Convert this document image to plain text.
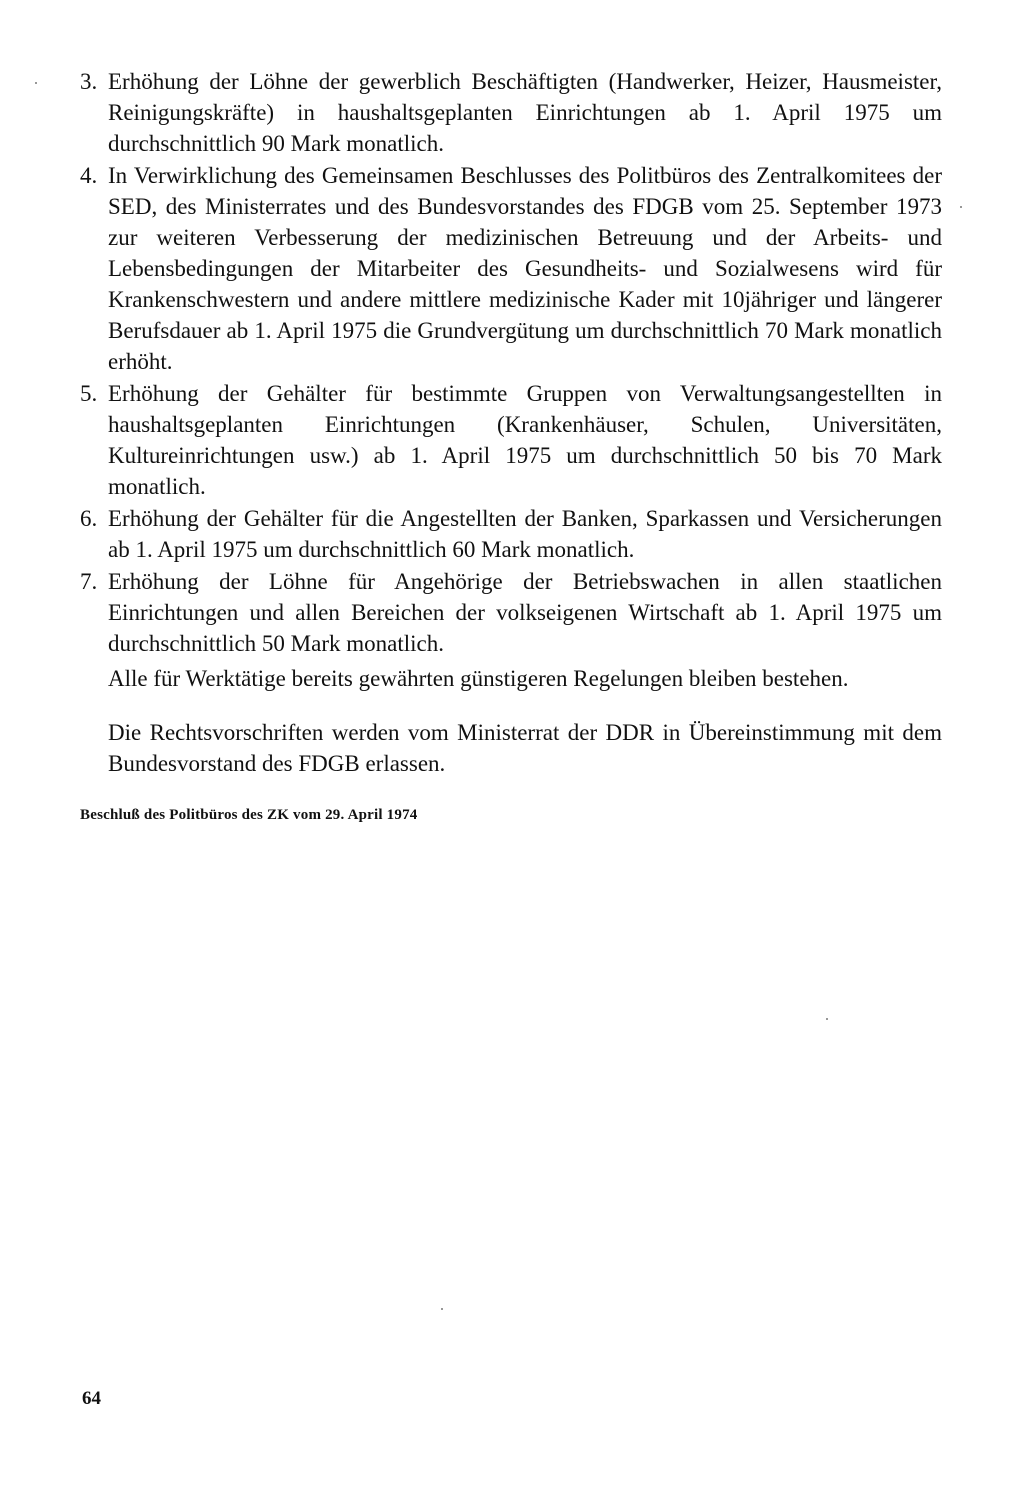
3. Erhöhung der Löhne der gewerblich Beschäftigten (Handwerker, Heizer, Hausmeister, Reinigungskräfte) in haushaltsgeplanten Einrichtungen ab 1. April 1975 um durchschnittlich 90 Mark monatlich.
4. In Verwirklichung des Gemeinsamen Beschlusses des Politbüros des Zentralkomitees der SED, des Ministerrates und des Bundesvorstandes des FDGB vom 25. September 1973 zur weiteren Verbesserung der medizinischen Betreuung und der Arbeits- und Lebensbedingungen der Mitarbeiter des Gesundheits- und Sozialwesens wird für Krankenschwestern und andere mittlere medizinische Kader mit 10jähriger und längerer Berufsdauer ab 1. April 1975 die Grundvergütung um durchschnittlich 70 Mark monatlich erhöht.
5. Erhöhung der Gehälter für bestimmte Gruppen von Verwaltungsangestellten in haushaltsgeplanten Einrichtungen (Krankenhäuser, Schulen, Universitäten, Kultureinrichtungen usw.) ab 1. April 1975 um durchschnittlich 50 bis 70 Mark monatlich.
6. Erhöhung der Gehälter für die Angestellten der Banken, Sparkassen und Versicherungen ab 1. April 1975 um durchschnittlich 60 Mark monatlich.
7. Erhöhung der Löhne für Angehörige der Betriebswachen in allen staatlichen Einrichtungen und allen Bereichen der volkseigenen Wirtschaft ab 1. April 1975 um durchschnittlich 50 Mark monatlich.

Alle für Werktätige bereits gewährten günstigeren Regelungen bleiben bestehen.

Die Rechtsvorschriften werden vom Ministerrat der DDR in Übereinstimmung mit dem Bundesvorstand des FDGB erlassen.

Beschluß des Politbüros des ZK vom 29. April 1974
64
